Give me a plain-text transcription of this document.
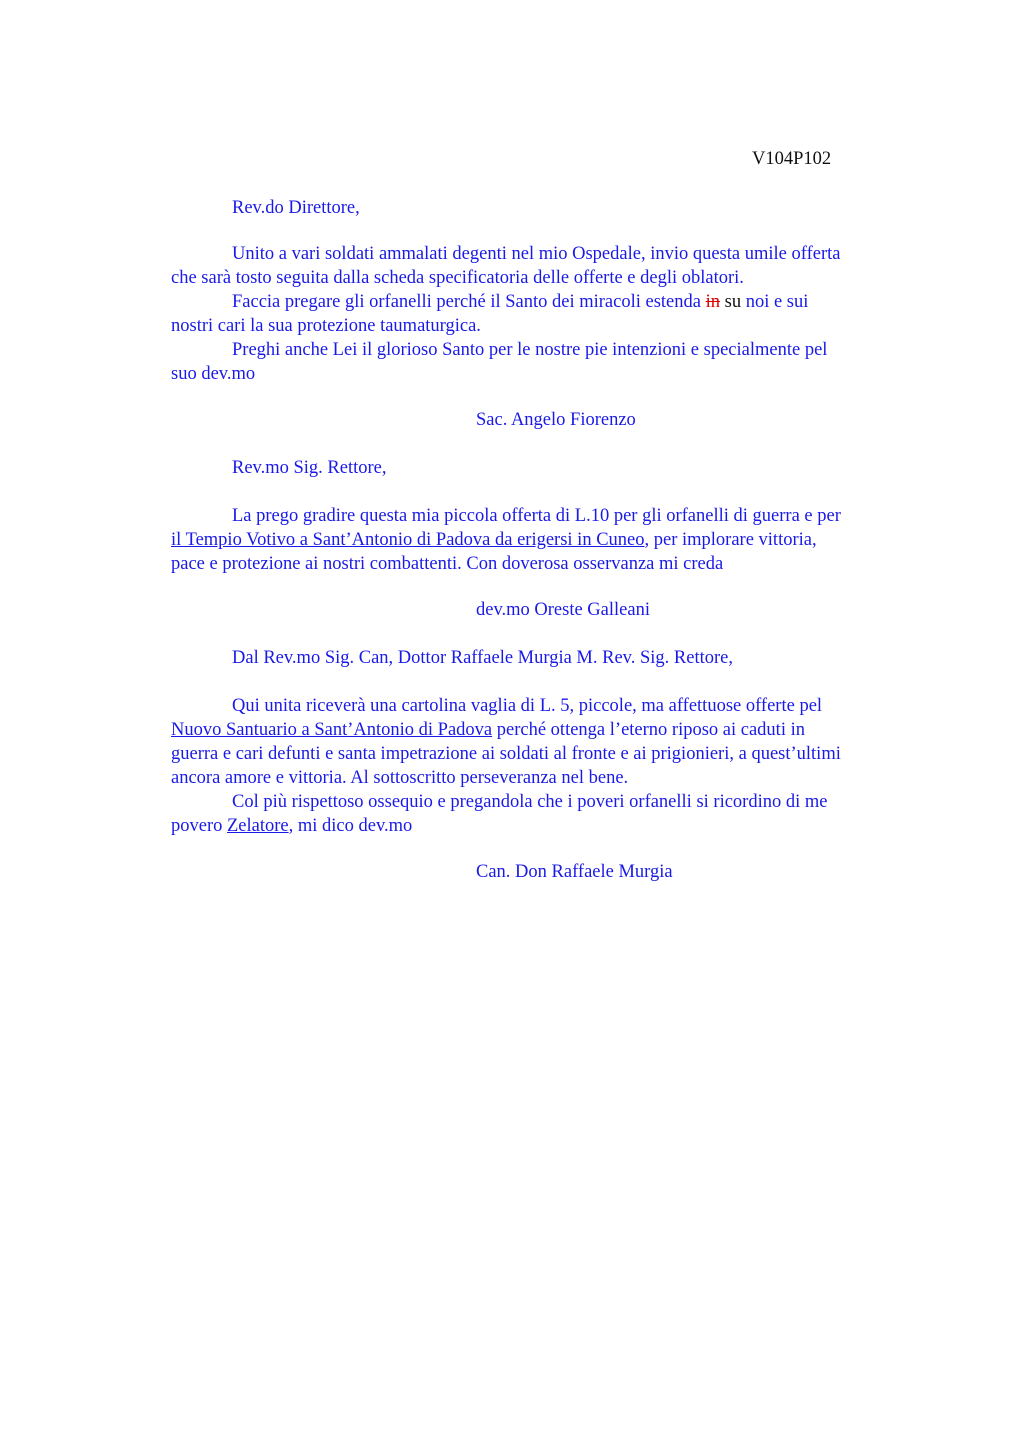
V104P102
Rev.do Direttore,
Unito a vari soldati ammalati degenti nel mio Ospedale, invio questa umile offerta
che sarà tosto seguita dalla scheda specificatoria delle offerte e degli oblatori.
Faccia pregare gli orfanelli perché il Santo dei miracoli estenda in su noi e sui
nostri cari la sua protezione taumaturgica.
Preghi anche Lei il glorioso Santo per le nostre pie intenzioni e specialmente pel
suo dev.mo
Sac. Angelo Fiorenzo
Rev.mo Sig. Rettore,
La prego gradire questa mia piccola offerta di L.10 per gli orfanelli di guerra e per
il Tempio Votivo a Sant’Antonio di Padova da erigersi in Cuneo, per implorare vittoria,
pace e protezione ai nostri combattenti. Con doverosa osservanza mi creda
dev.mo Oreste Galleani
Dal Rev.mo Sig. Can, Dottor Raffaele Murgia M. Rev. Sig. Rettore,
Qui unita riceverà una cartolina vaglia di L. 5, piccole, ma affettuose offerte pel
Nuovo Santuario a Sant’Antonio di Padova perché ottenga l’eterno riposo ai caduti in
guerra e cari defunti e santa impetrazione ai soldati al fronte e ai prigionieri, a quest’ultimi
ancora amore e vittoria. Al sottoscritto perseveranza nel bene.
Col più rispettoso ossequio e pregandola che i poveri orfanelli si ricordino di me
povero Zelatore, mi dico dev.mo
Can. Don Raffaele Murgia
